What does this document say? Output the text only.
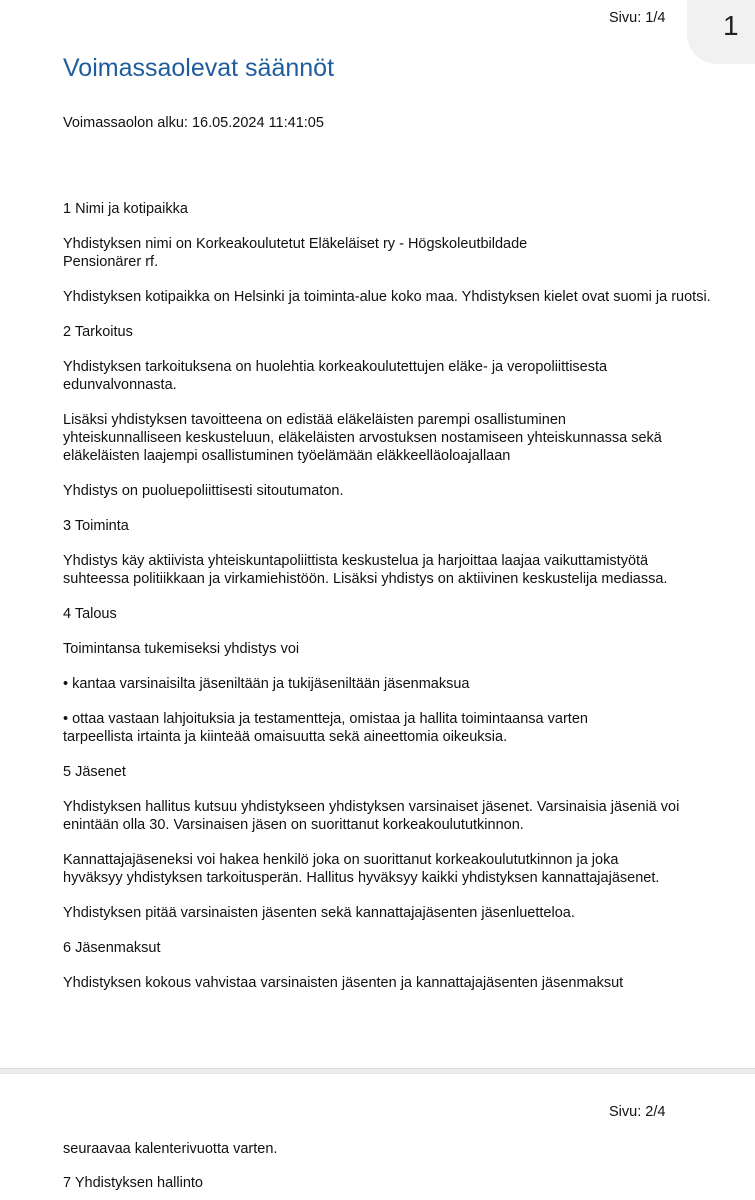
1
Sivu: 1/4
Voimassaolevat säännöt
Voimassaolon alku: 16.05.2024 11:41:05

1 Nimi ja kotipaikka

Yhdistyksen nimi on Korkeakoulutetut Eläkeläiset ry - Högskoleutbildade Pensionärer rf.

Yhdistyksen kotipaikka on Helsinki ja toiminta-alue koko maa. Yhdistyksen kielet ovat suomi ja ruotsi.

2 Tarkoitus

Yhdistyksen tarkoituksena on huolehtia korkeakoulutettujen eläke- ja veropoliittisesta edunvalvonnasta.

Lisäksi yhdistyksen tavoitteena on edistää eläkeläisten parempi osallistuminen yhteiskunnalliseen keskusteluun, eläkeläisten arvostuksen nostamiseen yhteiskunnassa sekä eläkeläisten laajempi osallistuminen työelämään eläkkeelläoloajallaan

Yhdistys on puoluepoliittisesti sitoutumaton.

3 Toiminta

Yhdistys käy aktiivista yhteiskuntapoliittista keskustelua ja harjoittaa laajaa vaikuttamistyötä suhteessa politiikkaan ja virkamiehistöön. Lisäksi yhdistys on aktiivinen keskustelija mediassa.

4 Talous

Toimintansa tukemiseksi yhdistys voi

• kantaa varsinaisilta jäseniltään ja tukijäseniltään jäsenmaksua

• ottaa vastaan lahjoituksia ja testamentteja, omistaa ja hallita toimintaansa varten tarpeellista irtainta ja kiinteää omaisuutta sekä aineettomia oikeuksia.

5 Jäsenet

Yhdistyksen hallitus kutsuu yhdistykseen yhdistyksen varsinaiset jäsenet. Varsinaisia jäseniä voi enintään olla 30. Varsinaisen jäsen on suorittanut korkeakoulututkinnon.

Kannattajajäseneksi voi hakea henkilö joka on suorittanut korkeakoulututkinnon ja joka hyväksyy yhdistyksen tarkoitusperän. Hallitus hyväksyy kaikki yhdistyksen kannattajajäsenet.

Yhdistyksen pitää varsinaisten jäsenten sekä kannattajajäsenten jäsenluetteloa.

6 Jäsenmaksut

Yhdistyksen kokous vahvistaa varsinaisten jäsenten ja kannattajajäsenten jäsenmaksut

Sivu: 2/4

seuraavaa kalenterivuotta varten.

7 Yhdistyksen hallinto
